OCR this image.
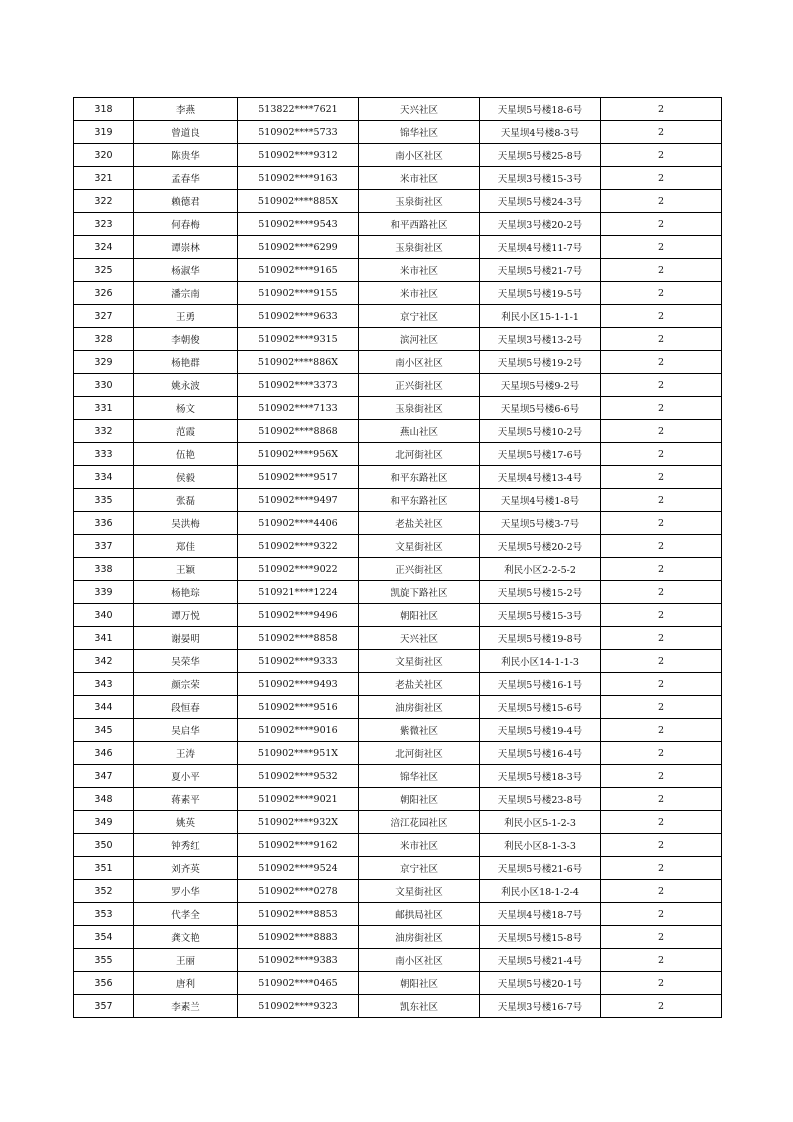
318	李燕	513822****7621	天兴社区	天星坝5号楼18-6号	2
319	曾道良	510902****5733	锦华社区	天星坝4号楼8-3号	2
320	陈贵华	510902****9312	南小区社区	天星坝5号楼25-8号	2
321	孟春华	510902****9163	米市社区	天星坝3号楼15-3号	2
322	赖德君	510902****885X	玉泉街社区	天星坝5号楼24-3号	2
323	何春梅	510902****9543	和平西路社区	天星坝3号楼20-2号	2
324	谭崇林	510902****6299	玉泉街社区	天星坝4号楼11-7号	2
325	杨淑华	510902****9165	米市社区	天星坝5号楼21-7号	2
326	潘宗南	510902****9155	米市社区	天星坝5号楼19-5号	2
327	王勇	510902****9633	京宁社区	利民小区15-1-1-1	2
328	李朝俊	510902****9315	滨河社区	天星坝3号楼13-2号	2
329	杨艳群	510902****886X	南小区社区	天星坝5号楼19-2号	2
330	姚永波	510902****3373	正兴街社区	天星坝5号楼9-2号	2
331	杨文	510902****7133	玉泉街社区	天星坝5号楼6-6号	2
332	范霞	510902****8868	燕山社区	天星坝5号楼10-2号	2
333	伍艳	510902****956X	北河街社区	天星坝5号楼17-6号	2
334	侯毅	510902****9517	和平东路社区	天星坝4号楼13-4号	2
335	张磊	510902****9497	和平东路社区	天星坝4号楼1-8号	2
336	吴洪梅	510902****4406	老盐关社区	天星坝5号楼3-7号	2
337	郑佳	510902****9322	文星街社区	天星坝5号楼20-2号	2
338	王颖	510902****9022	正兴街社区	利民小区2-2-5-2	2
339	杨艳琮	510921****1224	凯旋下路社区	天星坝5号楼15-2号	2
340	谭万悦	510902****9496	朝阳社区	天星坝5号楼15-3号	2
341	谢晏明	510902****8858	天兴社区	天星坝5号楼19-8号	2
342	吴荣华	510902****9333	文星街社区	利民小区14-1-1-3	2
343	颜宗荣	510902****9493	老盐关社区	天星坝5号楼16-1号	2
344	段恒春	510902****9516	油房街社区	天星坝5号楼15-6号	2
345	吴启华	510902****9016	紫微社区	天星坝5号楼19-4号	2
346	王涛	510902****951X	北河街社区	天星坝5号楼16-4号	2
347	夏小平	510902****9532	锦华社区	天星坝5号楼18-3号	2
348	蒋素平	510902****9021	朝阳社区	天星坝5号楼23-8号	2
349	姚英	510902****932X	涪江花园社区	利民小区5-1-2-3	2
350	钟秀红	510902****9162	米市社区	利民小区8-1-3-3	2
351	刘齐英	510902****9524	京宁社区	天星坝5号楼21-6号	2
352	罗小华	510902****0278	文星街社区	利民小区18-1-2-4	2
353	代孝全	510902****8853	邮拱局社区	天星坝4号楼18-7号	2
354	龚文艳	510902****8883	油房街社区	天星坝5号楼15-8号	2
355	王丽	510902****9383	南小区社区	天星坝5号楼21-4号	2
356	唐利	510902****0465	朝阳社区	天星坝5号楼20-1号	2
357	李素兰	510902****9323	凯东社区	天星坝3号楼16-7号	2
